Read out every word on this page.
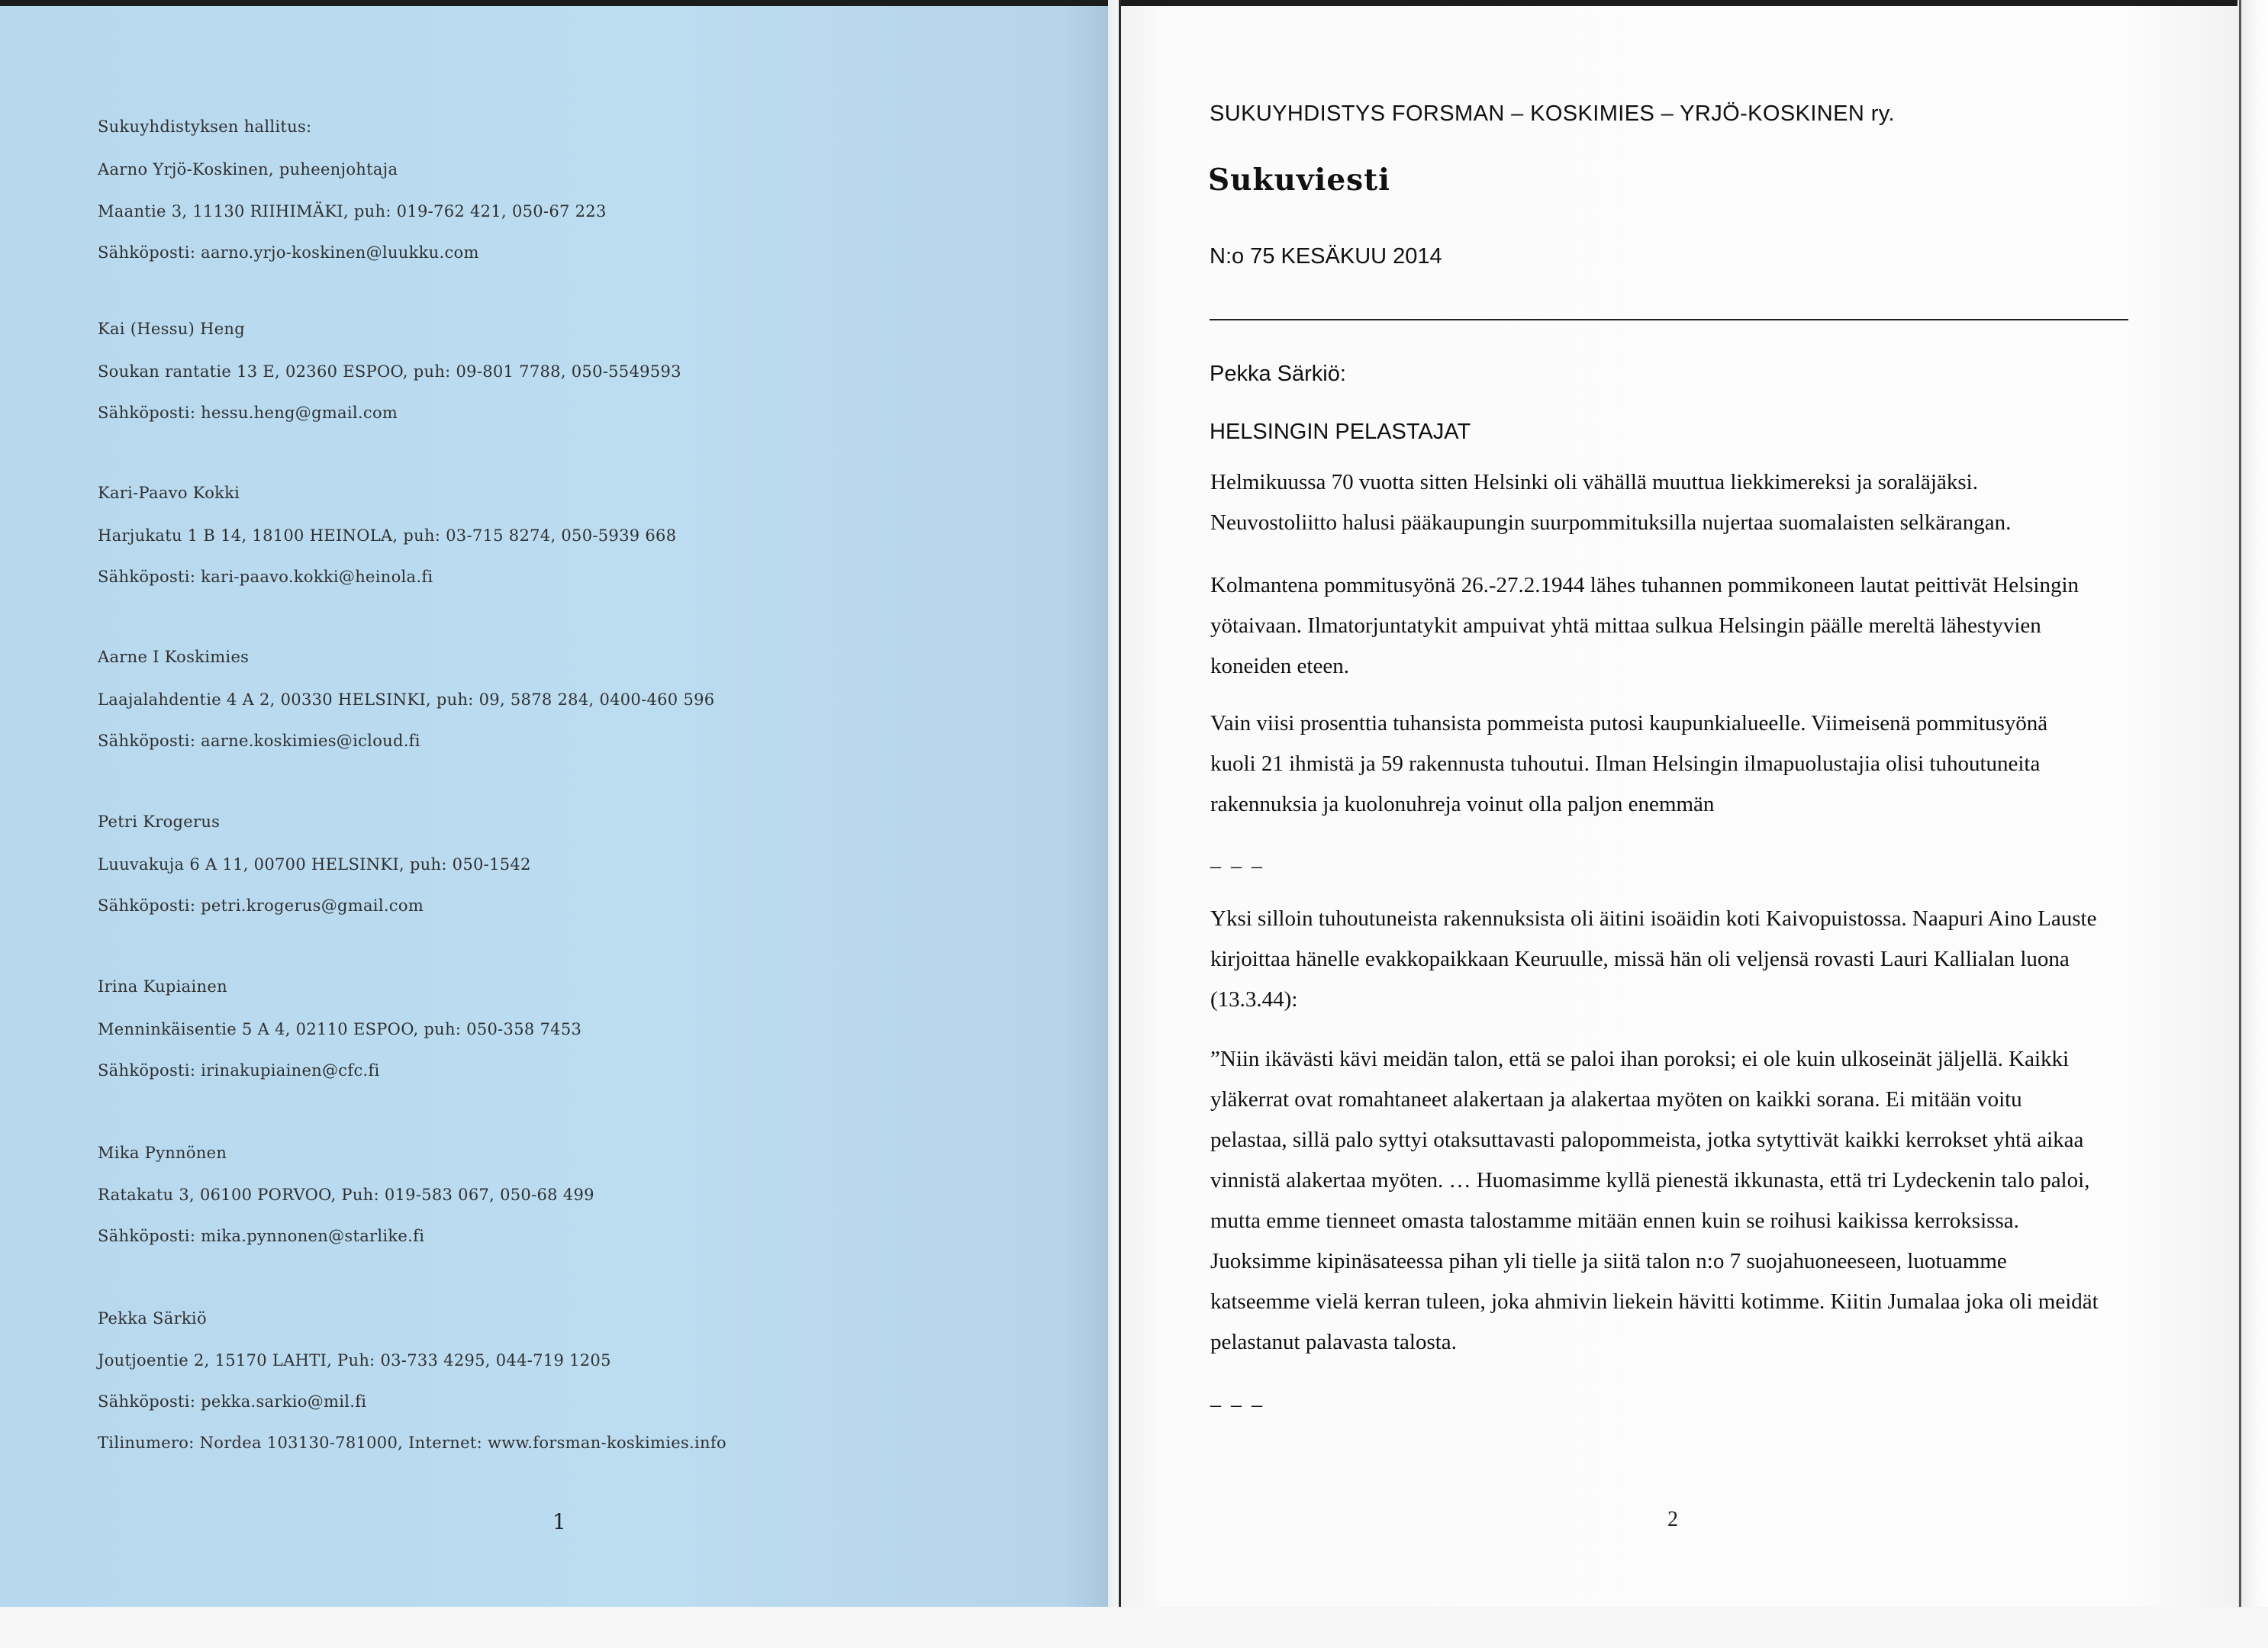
Sukuyhdistyksen hallitus:
Aarno Yrjö-Koskinen, puheenjohtaja
Maantie 3, 11130 RIIHIMÄKI, puh: 019-762 421, 050-67 223
Sähköposti: aarno.yrjo-koskinen@luukku.com
Kai (Hessu) Heng
Soukan rantatie 13 E, 02360 ESPOO, puh: 09-801 7788, 050-5549593
Sähköposti: hessu.heng@gmail.com
Kari-Paavo Kokki
Harjukatu 1 B 14, 18100 HEINOLA, puh: 03-715 8274, 050-5939 668
Sähköposti: kari-paavo.kokki@heinola.fi
Aarne I Koskimies
Laajalahdentie 4 A 2, 00330 HELSINKI, puh: 09, 5878 284, 0400-460 596
Sähköposti: aarne.koskimies@icloud.fi
Petri Krogerus
Luuvakuja 6 A 11, 00700 HELSINKI, puh: 050-1542
Sähköposti: petri.krogerus@gmail.com
Irina Kupiainen
Menninkäisentie 5 A 4, 02110 ESPOO, puh: 050-358 7453
Sähköposti: irinakupiainen@cfc.fi
Mika Pynnönen
Ratakatu 3, 06100 PORVOO, Puh: 019-583 067, 050-68 499
Sähköposti: mika.pynnonen@starlike.fi
Pekka Särkiö
Joutjoentie 2, 15170 LAHTI, Puh: 03-733 4295, 044-719 1205
Sähköposti: pekka.sarkio@mil.fi
Tilinumero: Nordea 103130-781000, Internet: www.forsman-koskimies.info
1
SUKUYHDISTYS FORSMAN – KOSKIMIES – YRJÖ-KOSKINEN ry.
Sukuviesti
N:o 75 KESÄKUU 2014
Pekka Särkiö:
HELSINGIN PELASTAJAT
Helmikuussa 70 vuotta sitten Helsinki oli vähällä muuttua liekkimereksi ja soraläjäksi.
Neuvostoliitto halusi pääkaupungin suurpommituksilla nujertaa suomalaisten selkärangan.
Kolmantena pommitusyönä 26.-27.2.1944 lähes tuhannen pommikoneen lautat peittivät Helsingin
yötaivaan. Ilmatorjuntatykit ampuivat yhtä mittaa sulkua Helsingin päälle mereltä lähestyvien
koneiden eteen.
Vain viisi prosenttia tuhansista pommeista putosi kaupunkialueelle. Viimeisenä pommitusyönä
kuoli 21 ihmistä ja 59 rakennusta tuhoutui. Ilman Helsingin ilmapuolustajia olisi tuhoutuneita
rakennuksia ja kuolonuhreja voinut olla paljon enemmän
– – –
Yksi silloin tuhoutuneista rakennuksista oli äitini isoäidin koti Kaivopuistossa. Naapuri Aino Lauste
kirjoittaa hänelle evakkopaikkaan Keuruulle, missä hän oli veljensä rovasti Lauri Kallialan luona
(13.3.44):
”Niin ikävästi kävi meidän talon, että se paloi ihan poroksi; ei ole kuin ulkoseinät jäljellä. Kaikki
yläkerrat ovat romahtaneet alakertaan ja alakertaa myöten on kaikki sorana. Ei mitään voitu
pelastaa, sillä palo syttyi otaksuttavasti palopommeista, jotka sytyttivät kaikki kerrokset yhtä aikaa
vinnistä alakertaa myöten. … Huomasimme kyllä pienestä ikkunasta, että tri Lydeckenin talo paloi,
mutta emme tienneet omasta talostamme mitään ennen kuin se roihusi kaikissa kerroksissa.
Juoksimme kipinäsateessa pihan yli tielle ja siitä talon n:o 7 suojahuoneeseen, luotuamme
katseemme vielä kerran tuleen, joka ahmivin liekein hävitti kotimme. Kiitin Jumalaa joka oli meidät
pelastanut palavasta talosta.
– – –
2
